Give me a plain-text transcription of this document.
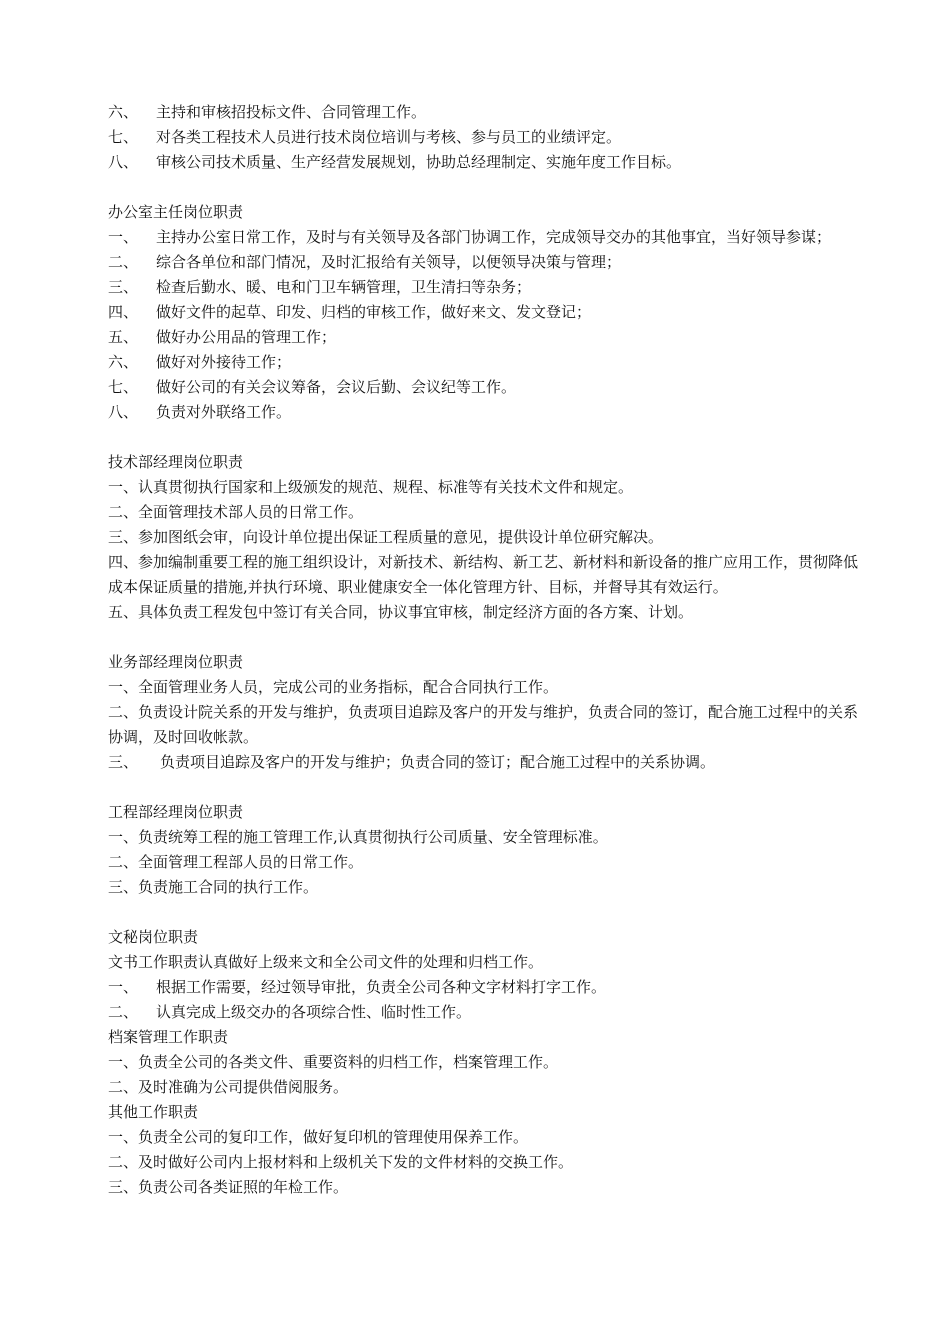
六、	主持和审核招投标文件、合同管理工作。
七、	对各类工程技术人员进行技术岗位培训与考核、参与员工的业绩评定。
八、	审核公司技术质量、生产经营发展规划，协助总经理制定、实施年度工作目标。
办公室主任岗位职责
一、	主持办公室日常工作，及时与有关领导及各部门协调工作，完成领导交办的其他事宜，当好领导参谋；
二、	综合各单位和部门情况，及时汇报给有关领导，以便领导决策与管理；
三、	检查后勤水、暖、电和门卫车辆管理，卫生清扫等杂务；
四、	做好文件的起草、印发、归档的审核工作，做好来文、发文登记；
五、	做好办公用品的管理工作；
六、	做好对外接待工作；
七、	做好公司的有关会议筹备，会议后勤、会议纪等工作。
八、	负责对外联络工作。
技术部经理岗位职责
一、认真贯彻执行国家和上级颁发的规范、规程、标准等有关技术文件和规定。
二、全面管理技术部人员的日常工作。
三、参加图纸会审，向设计单位提出保证工程质量的意见，提供设计单位研究解决。
四、参加编制重要工程的施工组织设计，对新技术、新结构、新工艺、新材料和新设备的推广应用工作，贯彻降低成本保证质量的措施,并执行环境、职业健康安全一体化管理方针、目标，并督导其有效运行。
五、具体负责工程发包中签订有关合同，协议事宜审核，制定经济方面的各方案、计划。
业务部经理岗位职责
一、全面管理业务人员，完成公司的业务指标，配合合同执行工作。
二、负责设计院关系的开发与维护，负责项目追踪及客户的开发与维护，负责合同的签订，配合施工过程中的关系协调，及时回收帐款。
三、	负责项目追踪及客户的开发与维护；负责合同的签订；配合施工过程中的关系协调。
工程部经理岗位职责
一、负责统筹工程的施工管理工作,认真贯彻执行公司质量、安全管理标准。
二、全面管理工程部人员的日常工作。
三、负责施工合同的执行工作。
文秘岗位职责
文书工作职责认真做好上级来文和全公司文件的处理和归档工作。
一、	根据工作需要，经过领导审批，负责全公司各种文字材料打字工作。
二、	认真完成上级交办的各项综合性、临时性工作。
档案管理工作职责
一、负责全公司的各类文件、重要资料的归档工作，档案管理工作。
二、及时准确为公司提供借阅服务。
其他工作职责
一、负责全公司的复印工作，做好复印机的管理使用保养工作。
二、及时做好公司内上报材料和上级机关下发的文件材料的交换工作。
三、负责公司各类证照的年检工作。
